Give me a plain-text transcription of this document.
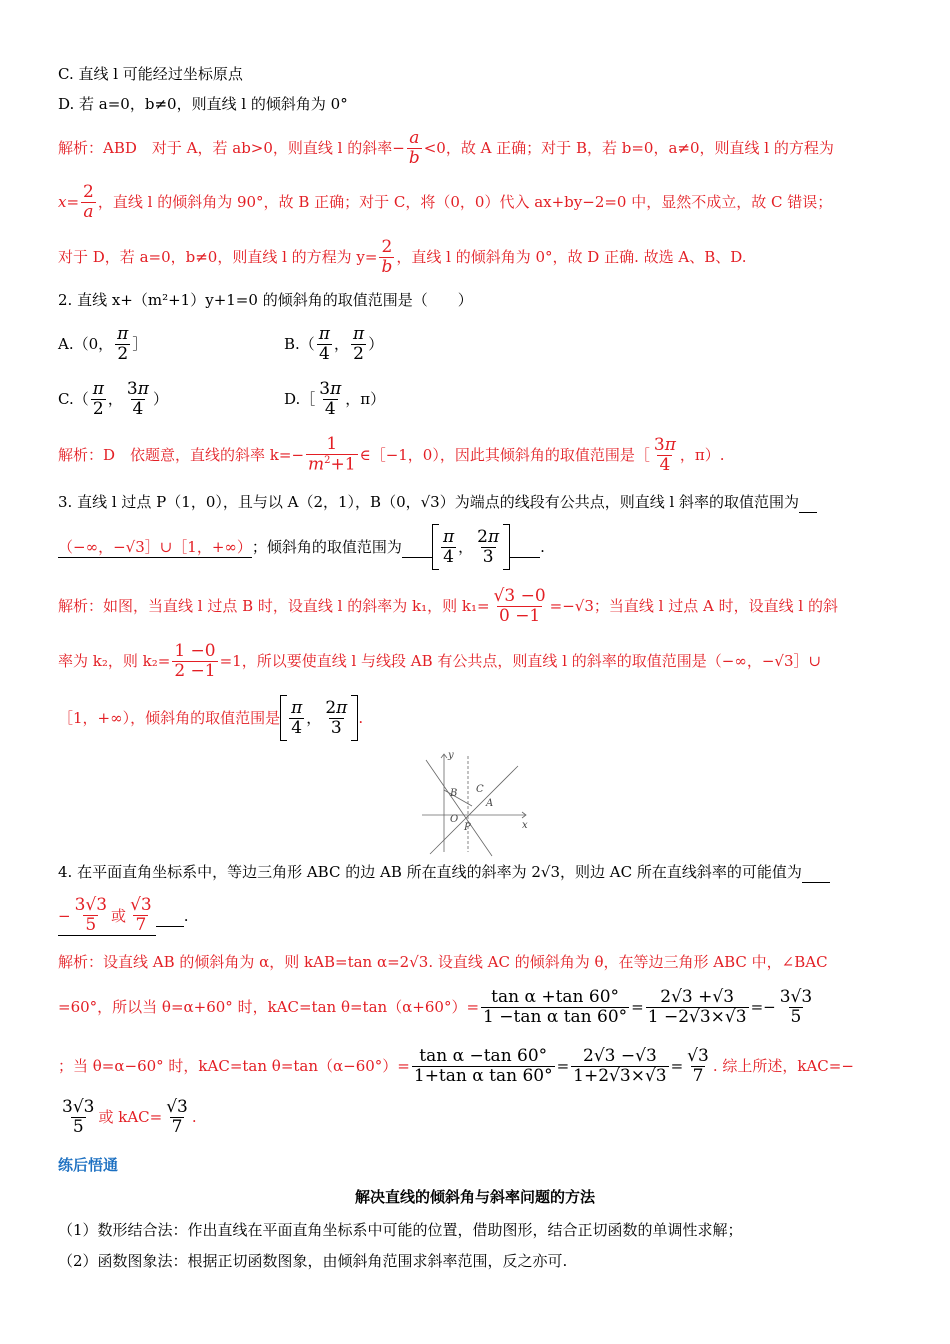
C. 直线 l 可能经过坐标原点
D. 若 a=0，b≠0，则直线 l 的倾斜角为 0°
解析：ABD　对于 A，若 ab>0，则直线 l 的斜率− $\frac{a}{b} <0$，故 A 正确；对于 B，若 b=0，a≠0，则直线 l 的方程为
$x= \frac{2}{a}$ ，直线 l 的倾斜角为 90°，故 B 正确；对于 C，将（0，0）代入 ax+by−2=0 中，显然不成立，故 C 错误；
对于 D，若 a=0，b≠0，则直线 l 的方程为 $y= \frac{2}{b}$ ，直线 l 的倾斜角为 0°，故 D 正确. 故选 A、B、D.
2. 直线 x+（m²+1）y+1=0 的倾斜角的取值范围是（　　）
A.（0， $\frac{\pi}{2}$ ］	$B.( \frac{\pi}{4}$ ， $\frac{\pi}{2}$ ）
$C.( \frac{\pi}{2}$ ， $\frac{3\pi}{4}$ ）	D.［ $\frac{3\pi}{4}$ ，π）
解析：D　依题意，直线的斜率 $k=- \frac{1}{m^2+1}$ ∈［−1，0），因此其倾斜角的取值范围是［ $\frac{3\pi}{4}$ ，π）.
3. 直线 l 过点 P（1，0），且与以 A（2，1），B（0，√3）为端点的线段有公共点，则直线 l 斜率的取值范围为
（−∞，−√3］∪［1，+∞） ；倾斜角的取值范围为
$\frac{\pi}{4}$ ， $\frac{2\pi}{3}$
	.
解析：如图，当直线 l 过点 B 时，设直线 l 的斜率为 k₁，则 $k_1= \frac{√3 -0}{0 -1} =-√3$；当直线 l 过点 A 时，设直线 l 的斜
率为 k₂，则 $k_2= \frac{1 -0}{2 -1} =1$，所以要使直线 l 与线段 AB 有公共点，则直线 l 的斜率的取值范围是（−∞，−√3］∪
［1，+∞），倾斜角的取值范围是 $\frac{\pi}{4}$ ， $\frac{2\pi}{3}$ .
y
x
B C
A
O
P
4. 在平面直角坐标系中，等边三角形 ABC 的边 AB 所在直线的斜率为 2√3，则边 AC 所在直线斜率的可能值为
− $\frac{3√3}{5}$ 或 $\frac{√3}{7}$
.
解析：设直线 AB 的倾斜角为 α，则 kAB=tan α=2√3. 设直线 AC 的倾斜角为 θ，在等边三角形 ABC 中，∠BAC
=60°，所以当 θ=α+60° 时，kAC=tan $\theta=\tan(\alpha+60^\circ)= \frac{\text{tan α +tan 60°}}{\text{1 −tan α tan 60°}} = \frac{2√3 +√3}{1 -2√3\times√3} =- \frac{3√3}{5}$
；当 θ=α−60° 时，kAC=tan $\theta=\tan(\alpha-60^\circ)= \frac{\text{tan α −tan 60°}}{\text{1+tan α tan 60°}} = \frac{2√3 -√3}{1+2√3\times√3} = \frac{√3}{7}$ . 综上所述，kAC=−
$\frac{3√3}{5}$ 或 $kAC= \frac{√3}{7}$ .
练后悟通
解决直线的倾斜角与斜率问题的方法
（1）数形结合法：作出直线在平面直角坐标系中可能的位置，借助图形，结合正切函数的单调性求解；
（2）函数图象法：根据正切函数图象，由倾斜角范围求斜率范围，反之亦可.
